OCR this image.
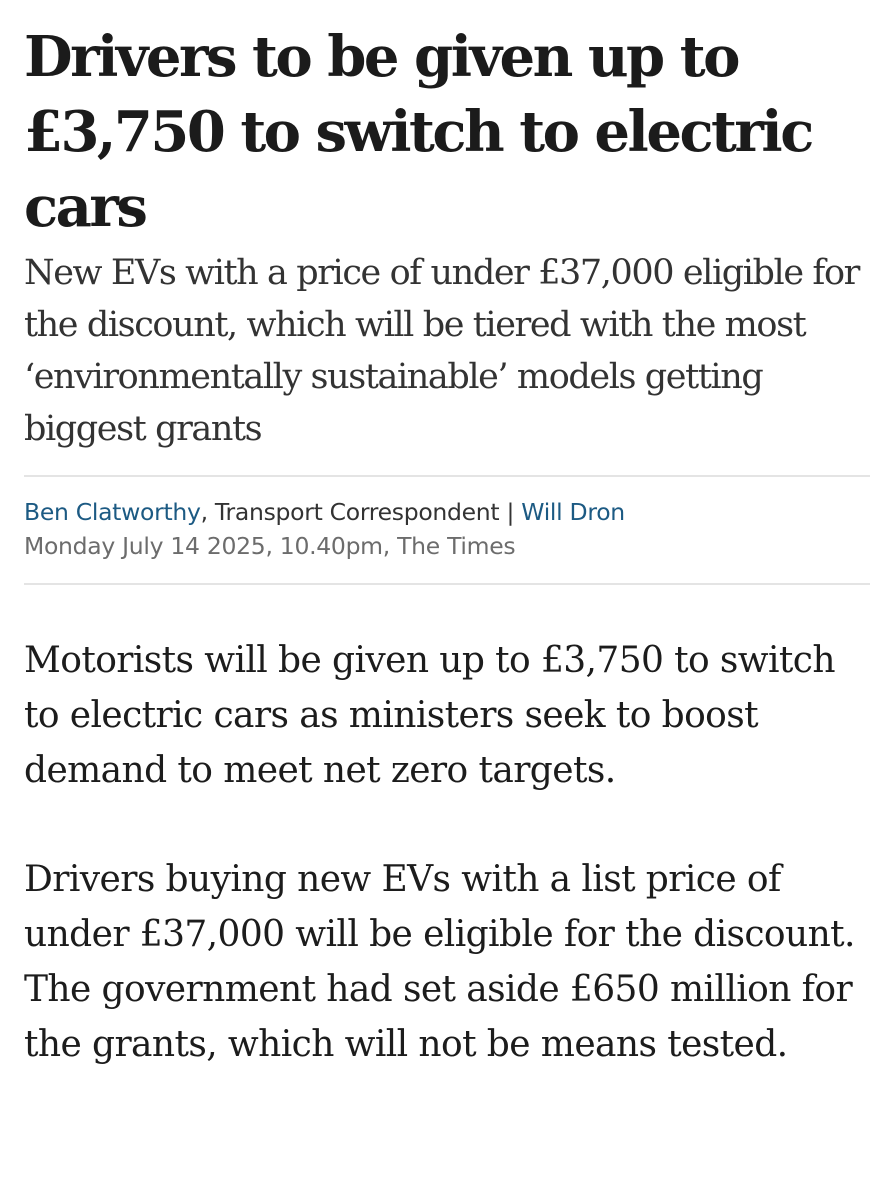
Drivers to be given up to £3,750 to switch to electric cars
New EVs with a price of under £37,000 eligible for the discount, which will be tiered with the most ‘environmentally sustainable’ models getting biggest grants
Ben Clatworthy, Transport Correspondent | Will Dron
Monday July 14 2025, 10.40pm, The Times

Motorists will be given up to £3,750 to switch to electric cars as ministers seek to boost demand to meet net zero targets.

Drivers buying new EVs with a list price of under £37,000 will be eligible for the discount. The government had set aside £650 million for the grants, which will not be means tested.
